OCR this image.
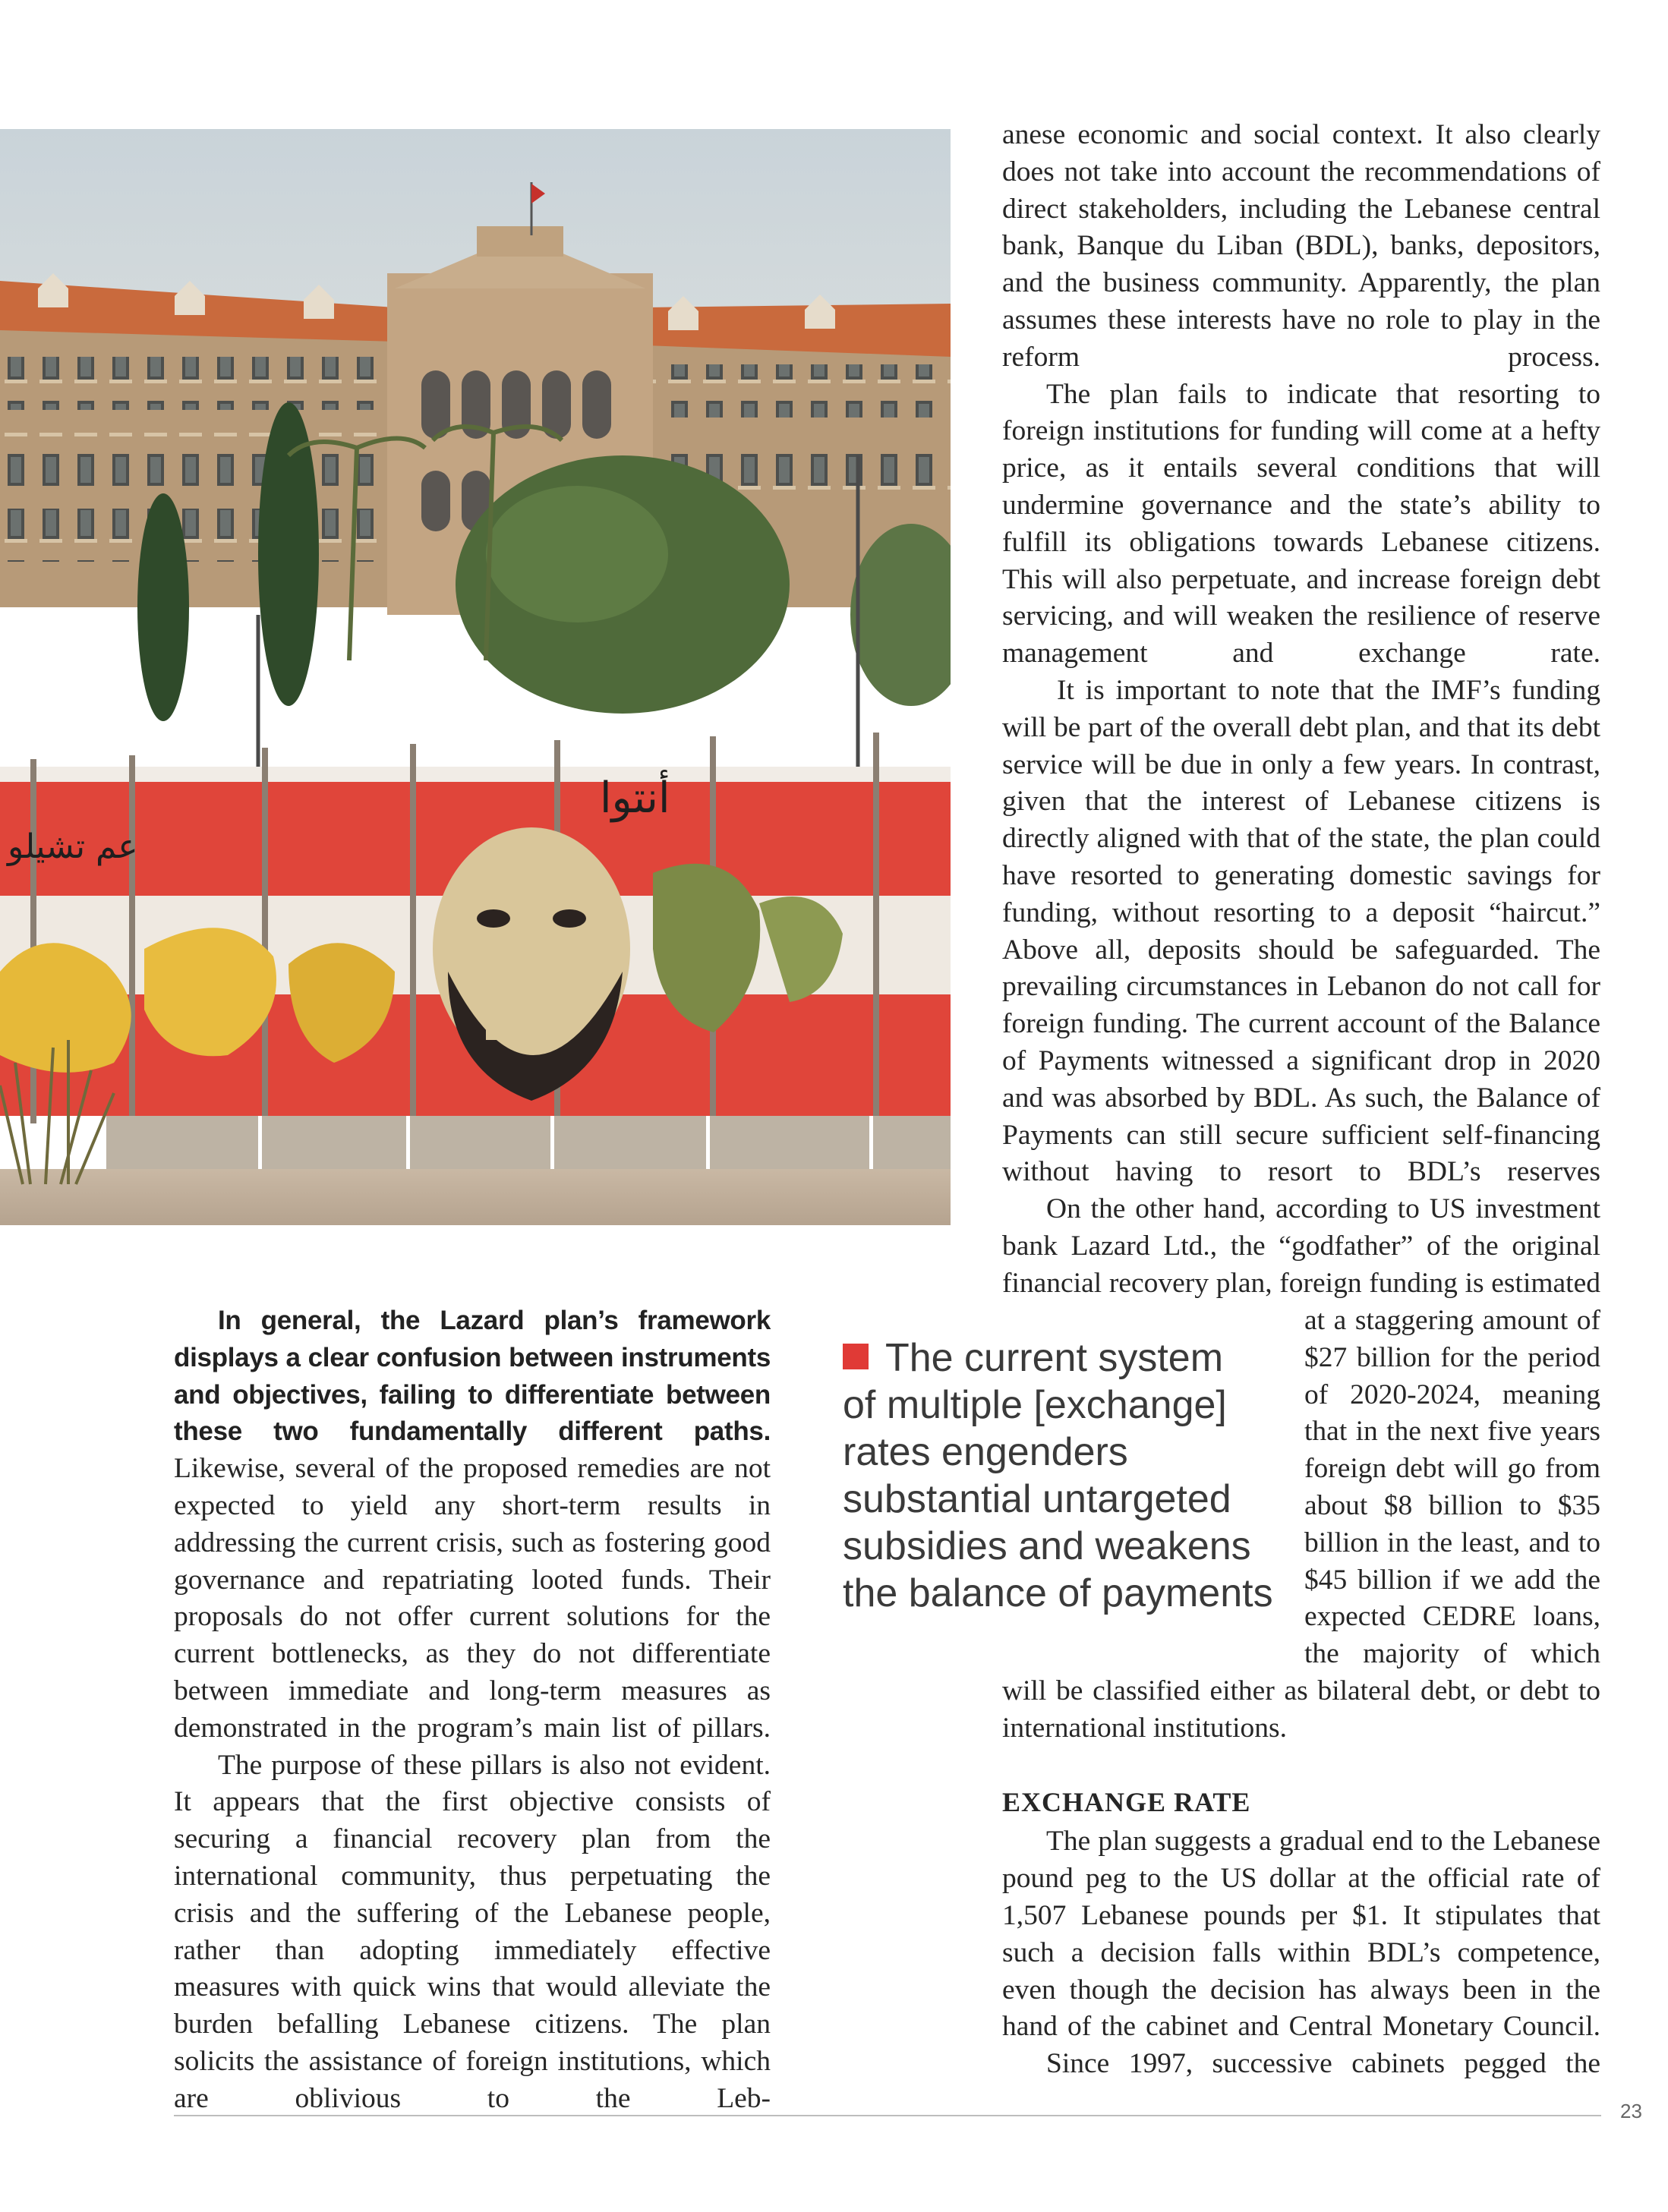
أنتوا
عم تشيلو

anese economic and social context. It also clearly does not take into account the recommendations of direct stakeholders, including the Lebanese central bank, Banque du Liban (BDL), banks, depositors, and the business community. Apparently, the plan assumes these interests have no role to play in the reform process.

The plan fails to indicate that resorting to foreign institutions for funding will come at a hefty price, as it entails several conditions that will undermine governance and the state’s ability to fulfill its obligations towards Lebanese citizens. This will also perpetuate, and increase foreign debt servicing, and will weaken the resilience of reserve management and exchange rate.

It is important to note that the IMF’s funding will be part of the overall debt plan, and that its debt service will be due in only a few years. In contrast, given that the interest of Lebanese citizens is directly aligned with that of the state, the plan could have resorted to generating domestic savings for funding, without resorting to a deposit “haircut.” Above all, deposits should be safeguarded. The prevailing circumstances in Lebanon do not call for foreign funding. The current account of the Balance of Payments witnessed a significant drop in 2020 and was absorbed by BDL. As such, the Balance of Payments can still secure sufficient self-financing without having to resort to BDL’s reserves

On the other hand, according to US investment bank Lazard Ltd., the “godfather” of the original financial recovery plan, foreign funding is estimated

The current system
of multiple [exchange]
rates engenders
substantial untargeted
subsidies and weakens
the balance of payments

at a staggering amount of $27 billion for the period of 2020-2024, meaning that in the next five years foreign debt will go from about $8 billion to $35 billion in the least, and to $45 billion if we add the expected CEDRE loans, the majority of which

will be classified either as bilateral debt, or debt to international institutions.

EXCHANGE RATE

The plan suggests a gradual end to the Lebanese pound peg to the US dollar at the official rate of 1,507 Lebanese pounds per $1. It stipulates that such a decision falls within BDL’s competence, even though the decision has always been in the hand of the cabinet and Central Monetary Council.

Since 1997, successive cabinets pegged the

In general, the Lazard plan’s framework displays a clear confusion between instruments and objectives, failing to differentiate between these two fundamentally different paths. Likewise, several of the proposed remedies are not expected to yield any short-term results in addressing the current crisis, such as fostering good governance and repatriating looted funds. Their proposals do not offer current solutions for the current bottlenecks, as they do not differentiate between immediate and long-term measures as demonstrated in the program’s main list of pillars.

The purpose of these pillars is also not evident. It appears that the first objective consists of securing a financial recovery plan from the international community, thus perpetuating the crisis and the suffering of the Lebanese people, rather than adopting immediately effective measures with quick wins that would alleviate the burden befalling Lebanese citizens. The plan solicits the assistance of foreign institutions, which are oblivious to the Leb-	23
